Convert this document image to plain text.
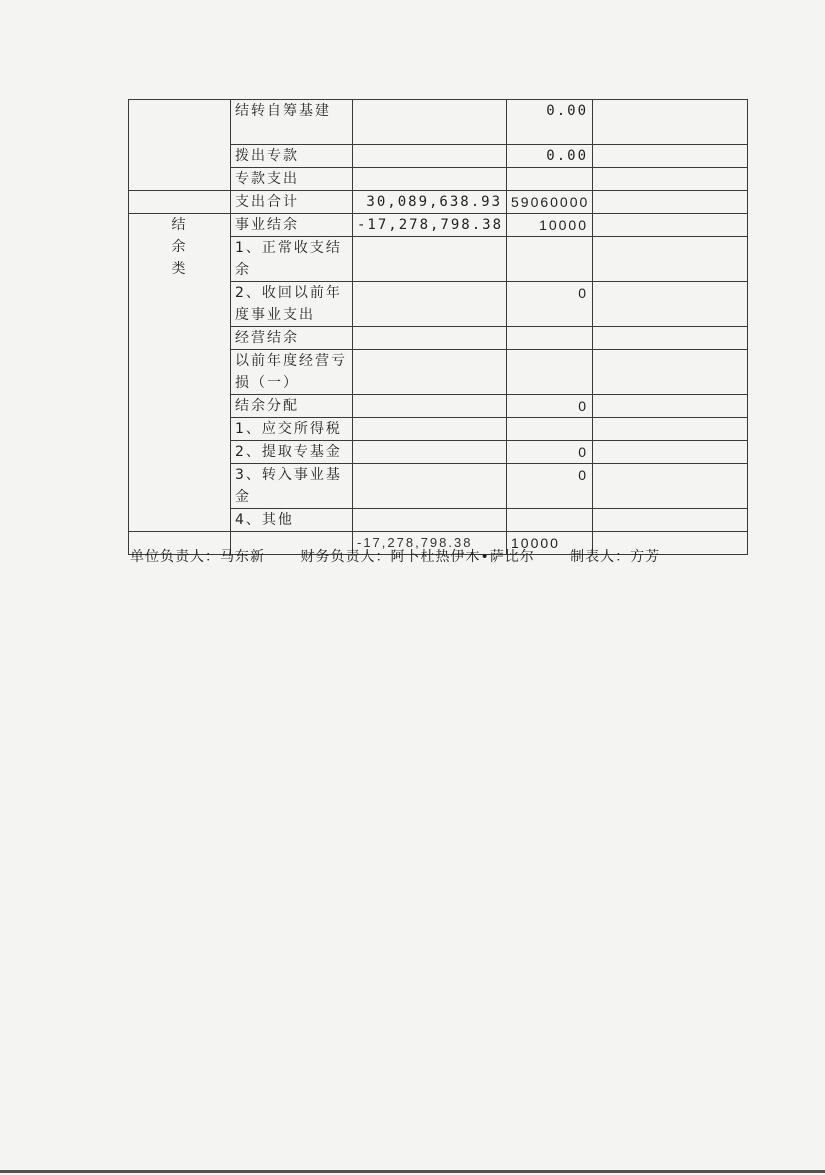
	结转自筹基建		0.00	
	拨出专款		0.00	
	专款支出			
	支出合计	30,089,638.93	59060000	
结
余
类	事业结余	-17,278,798.38	10000	
	1、正常收支结余			
	2、收回以前年度事业支出		0	
	经营结余			
	以前年度经营亏损（一）			
	结余分配		0	
	1、应交所得税			
	2、提取专基金		0	
	3、转入事业基金		0	
	4、其他			
		-17,278,798.38	10000	
单位负责人：马东新	财务负责人：阿卜杜热伊木•萨比尔	制表人：方芳
